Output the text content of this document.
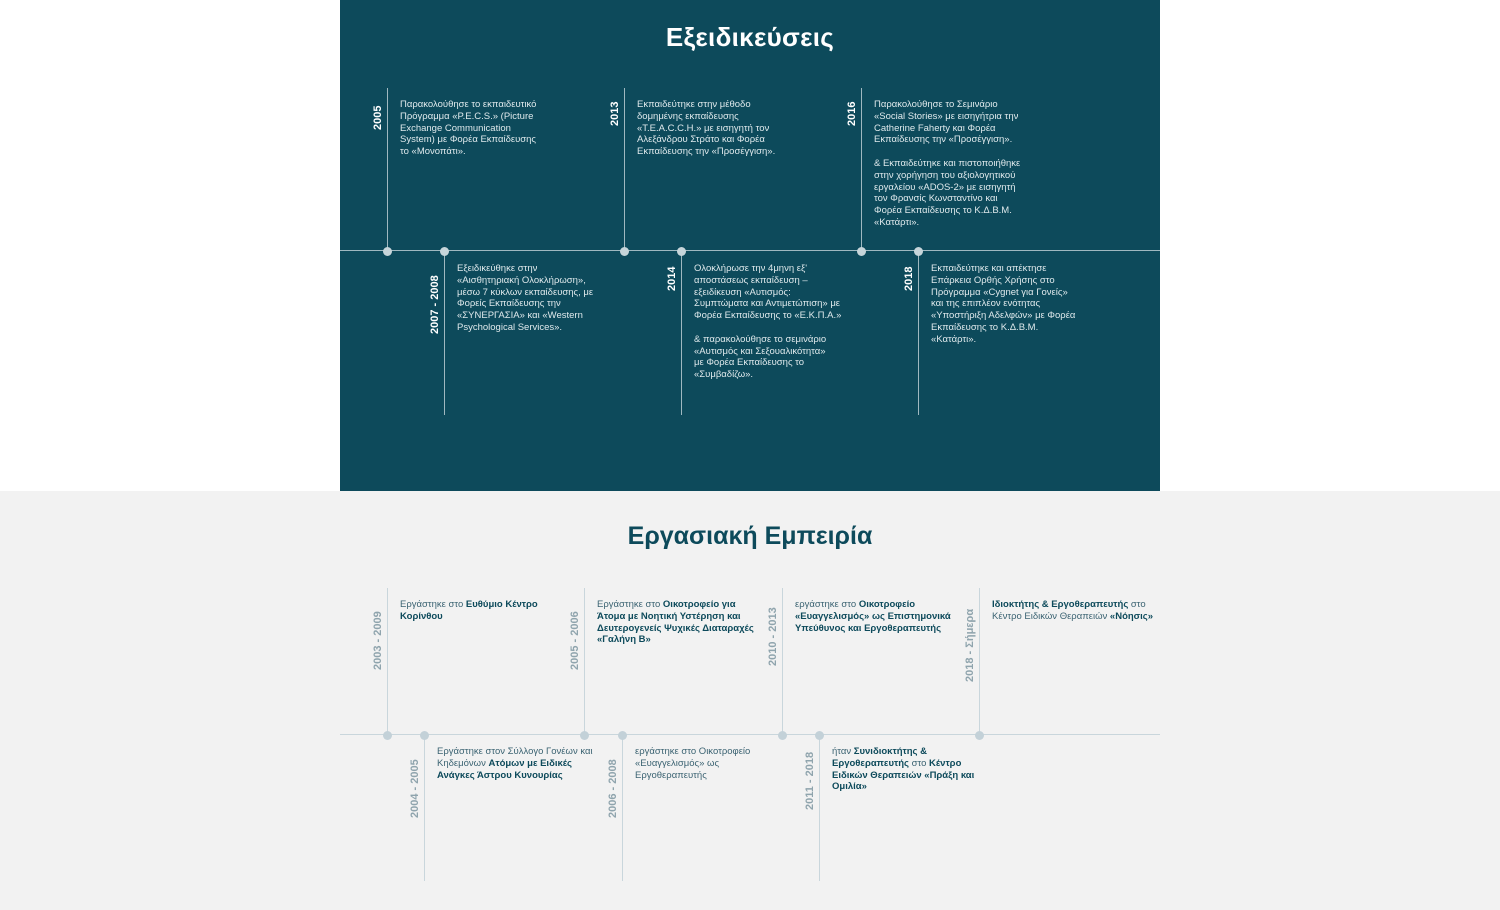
Εξειδικεύσεις
2005
Παρακολούθησε το εκπαιδευτικό
Πρόγραμμα «P.E.C.S.» (Picture
Exchange Communication
System) με Φορέα Εκπαίδευσης
το «Μονοπάτι».
2007 - 2008
Εξειδικεύθηκε στην
«Αισθητηριακή Ολοκλήρωση»,
μέσω 7 κύκλων εκπαίδευσης, με
Φορείς Εκπαίδευσης την
«ΣΥΝΕΡΓΑΣΙΑ» και «Western
Psychological Services».
2013 Εκπαιδεύτηκε στην μέθοδο
δομημένης εκπαίδευσης
«T.E.A.C.C.H.» με εισηγητή τον
Αλεξάνδρου Στράτο και Φορέα
Εκπαίδευσης την «Προσέγγιση».
2014 Ολοκλήρωσε την 4μηνη εξ'
αποστάσεως εκπαίδευση –
εξειδίκευση «Αυτισμός:
Συμπτώματα και Αντιμετώπιση» με
Φορέα Εκπαίδευσης το «Ε.Κ.Π.Α.»

& παρακολούθησε το σεμινάριο
«Αυτισμός και Σεξουαλικότητα»
με Φορέα Εκπαίδευσης το
«Συμβαδίζω».
2016 Παρακολούθησε το Σεμινάριο
«Social Stories» με εισηγήτρια την
Catherine Faherty και Φορέα
Εκπαίδευσης την «Προσέγγιση».

& Εκπαιδεύτηκε και πιστοποιήθηκε
στην χορήγηση του αξιολογητικού
εργαλείου «ADOS-2» με εισηγητή
τον Φρανσίς Κωνσταντίνο και
Φορέα Εκπαίδευσης το Κ.Δ.Β.Μ.
«Κατάρτι».
2018 Εκπαιδεύτηκε και απέκτησε
Επάρκεια Ορθής Χρήσης στο
Πρόγραμμα «Cygnet για Γονείς»
και της επιπλέον ενότητας
«Υποστήριξη Αδελφών» με Φορέα
Εκπαίδευσης το Κ.Δ.Β.Μ.
«Κατάρτι».
Εργασιακή Εμπειρία
2003 - 2009
Εργάστηκε στο Ευθύμιο Κέντρο Κορίνθου
2004 - 2005
Εργάστηκε στον Σύλλογο Γονέων και Κηδεμόνων Ατόμων με Ειδικές Ανάγκες Άστρου Κυνουρίας
2005 - 2006
Εργάστηκε στο Οικοτροφείο για Άτομα με Νοητική Υστέρηση και Δευτερογενείς Ψυχικές Διαταραχές «Γαλήνη Β»
2006 - 2008
εργάστηκε στο Οικοτροφείο «Ευαγγελισμός» ως Εργοθεραπευτής
2010 - 2013
εργάστηκε στο Οικοτροφείο «Ευαγγελισμός» ως Επιστημονικά Υπεύθυνος και Εργοθεραπευτής
2011 - 2018
ήταν Συνιδιοκτήτης & Εργοθεραπευτής στο Κέντρο Ειδικών Θεραπειών «Πράξη και Ομιλία»
2018 - Σήμερα
Ιδιοκτήτης & Εργοθεραπευτής στο Κέντρο Ειδικών Θεραπειών «Νόησις»
